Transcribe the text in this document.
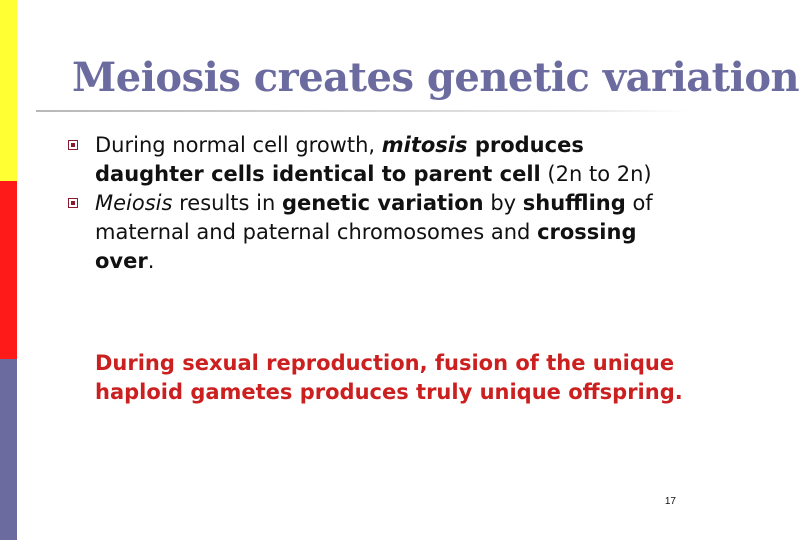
Meiosis creates genetic variation
During normal cell growth, mitosis produces daughter cells identical to parent cell (2n to 2n)
Meiosis results in genetic variation by shuffling of maternal and paternal chromosomes and crossing over.

During sexual reproduction, fusion of the unique haploid gametes produces truly unique offspring.

17
